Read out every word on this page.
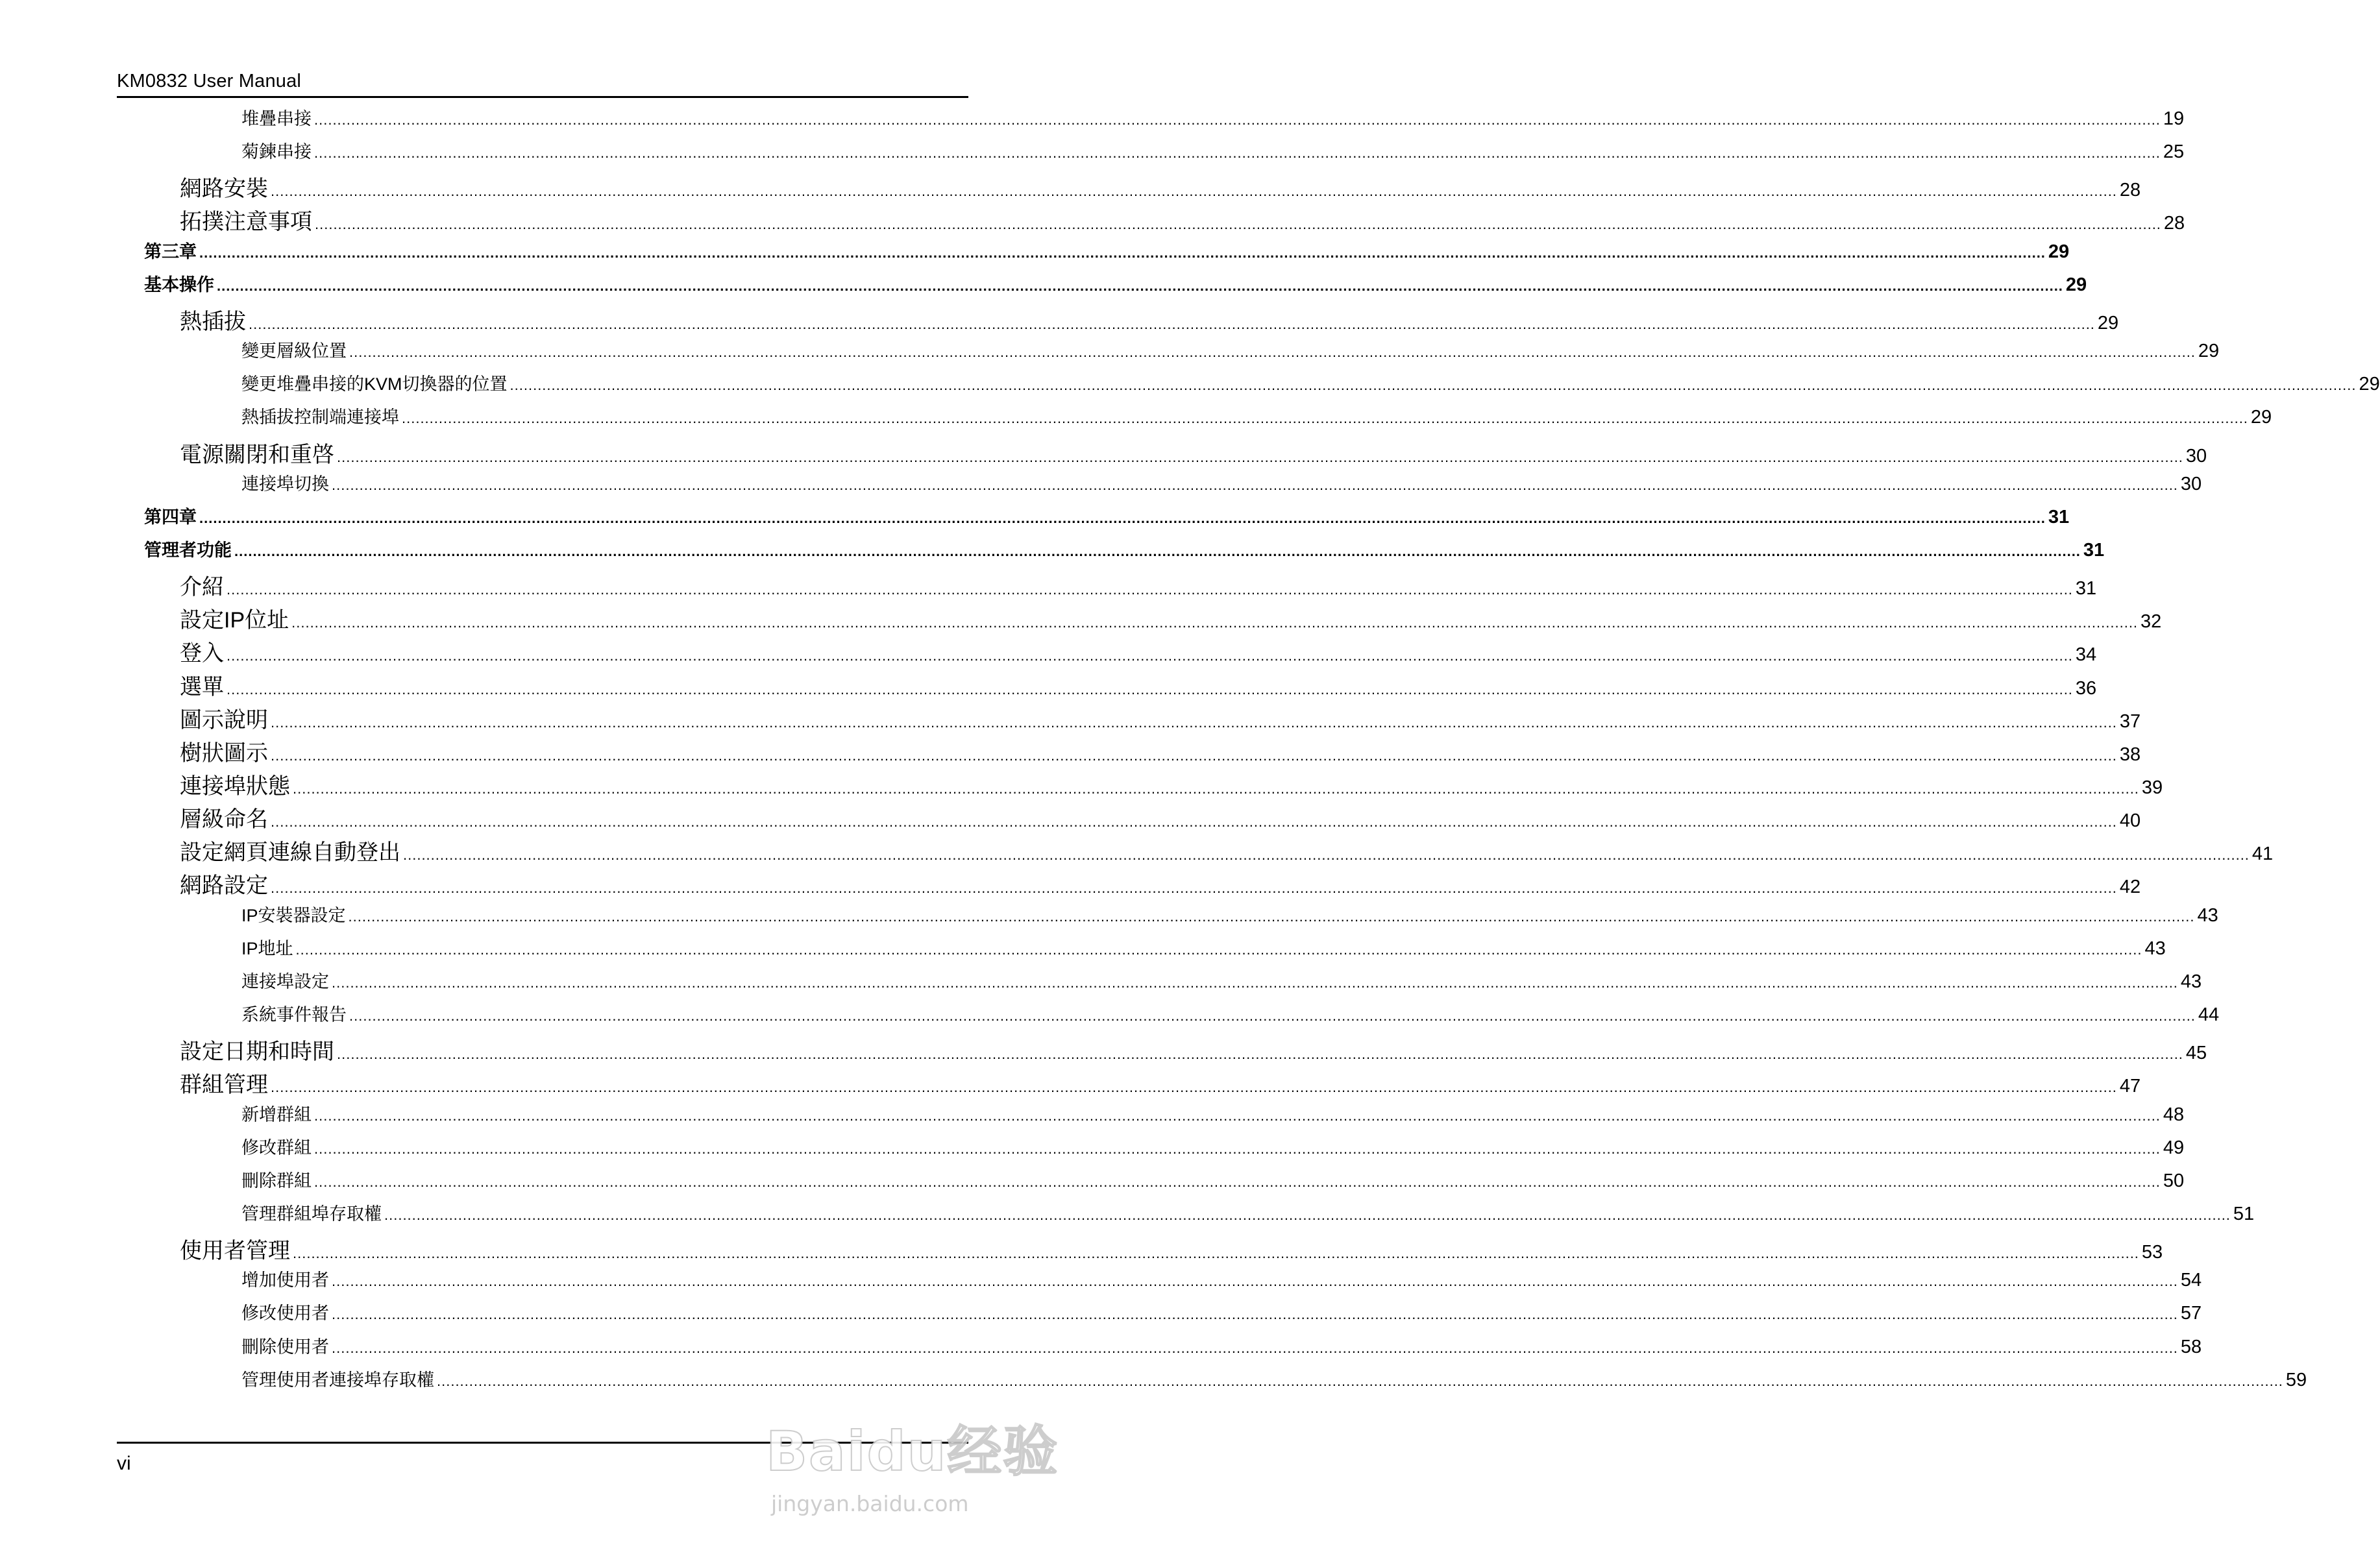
KM0832 User Manual
堆疊串接 ................................................................................................................................................................................................................................................................................................................................................................................................................ 19
菊鍊串接 ................................................................................................................................................................................................................................................................................................................................................................................................................ 25
網路安裝 ................................................................................................................................................................................................................................................................................................................................................................................................................ 28
拓撲注意事項 ................................................................................................................................................................................................................................................................................................................................................................................................................ 28
第三章 ................................................................................................................................................................................................................................................................................................................................................................................................................ 29
基本操作 ................................................................................................................................................................................................................................................................................................................................................................................................................ 29
熱插拔 ................................................................................................................................................................................................................................................................................................................................................................................................................ 29
變更層級位置 ................................................................................................................................................................................................................................................................................................................................................................................................................ 29
變更堆疊串接的KVM切換器的位置 ................................................................................................................................................................................................................................................................................................................................................................................................................ 29
熱插拔控制端連接埠 ................................................................................................................................................................................................................................................................................................................................................................................................................ 29
電源關閉和重啓 ................................................................................................................................................................................................................................................................................................................................................................................................................ 30
連接埠切換 ................................................................................................................................................................................................................................................................................................................................................................................................................ 30
第四章 ................................................................................................................................................................................................................................................................................................................................................................................................................ 31
管理者功能 ................................................................................................................................................................................................................................................................................................................................................................................................................ 31
介紹 ................................................................................................................................................................................................................................................................................................................................................................................................................ 31
設定IP位址 ................................................................................................................................................................................................................................................................................................................................................................................................................ 32
登入 ................................................................................................................................................................................................................................................................................................................................................................................................................ 34
選單 ................................................................................................................................................................................................................................................................................................................................................................................................................ 36
圖示說明 ................................................................................................................................................................................................................................................................................................................................................................................................................ 37
樹狀圖示 ................................................................................................................................................................................................................................................................................................................................................................................................................ 38
連接埠狀態 ................................................................................................................................................................................................................................................................................................................................................................................................................ 39
層級命名 ................................................................................................................................................................................................................................................................................................................................................................................................................ 40
設定網頁連線自動登出 ................................................................................................................................................................................................................................................................................................................................................................................................................ 41
網路設定 ................................................................................................................................................................................................................................................................................................................................................................................................................ 42
IP安裝器設定 ................................................................................................................................................................................................................................................................................................................................................................................................................ 43
IP地址 ................................................................................................................................................................................................................................................................................................................................................................................................................ 43
連接埠設定 ................................................................................................................................................................................................................................................................................................................................................................................................................ 43
系統事件報告 ................................................................................................................................................................................................................................................................................................................................................................................................................ 44
設定日期和時間 ................................................................................................................................................................................................................................................................................................................................................................................................................ 45
群組管理 ................................................................................................................................................................................................................................................................................................................................................................................................................ 47
新增群組 ................................................................................................................................................................................................................................................................................................................................................................................................................ 48
修改群組 ................................................................................................................................................................................................................................................................................................................................................................................................................ 49
刪除群組 ................................................................................................................................................................................................................................................................................................................................................................................................................ 50
管理群組埠存取權 ................................................................................................................................................................................................................................................................................................................................................................................................................ 51
使用者管理 ................................................................................................................................................................................................................................................................................................................................................................................................................ 53
增加使用者 ................................................................................................................................................................................................................................................................................................................................................................................................................ 54
修改使用者 ................................................................................................................................................................................................................................................................................................................................................................................................................ 57
刪除使用者 ................................................................................................................................................................................................................................................................................................................................................................................................................ 58
管理使用者連接埠存取權 ................................................................................................................................................................................................................................................................................................................................................................................................................ 59
vi	Baidu经验
jingyan.baidu.com
